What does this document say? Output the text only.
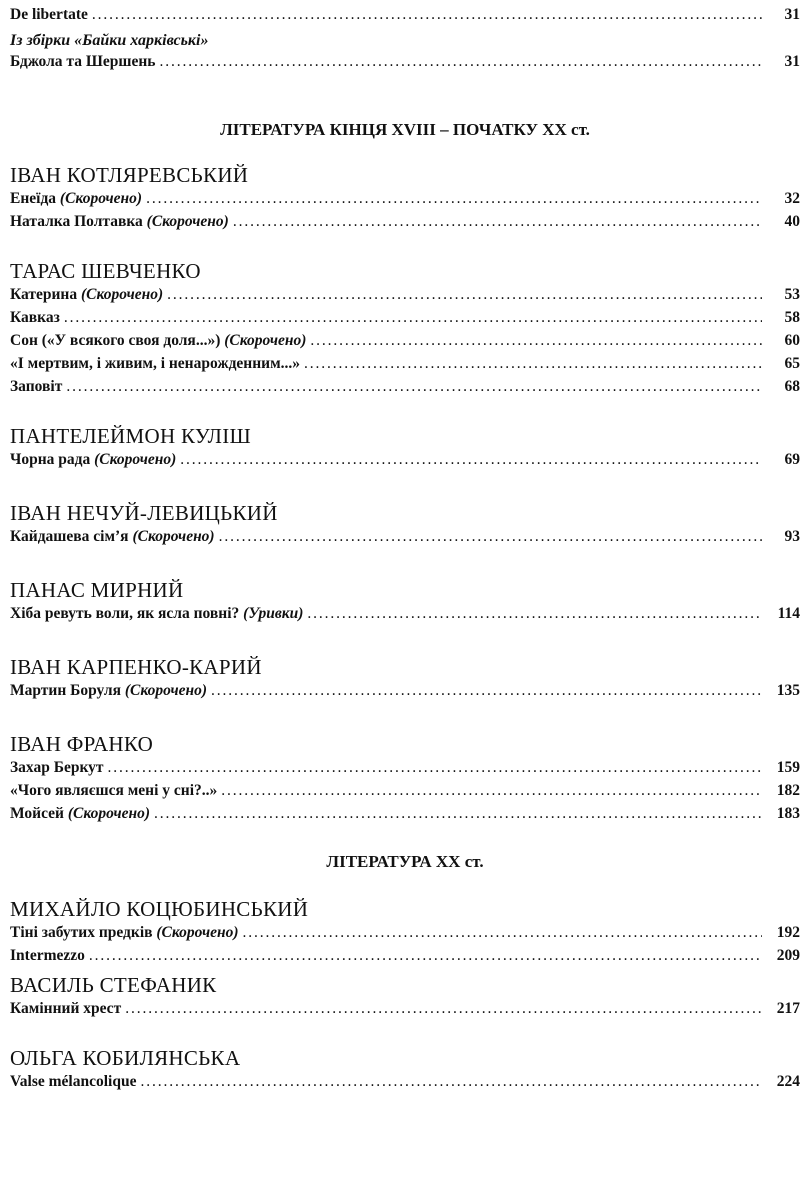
De libertate . . .	31
Із збірки «Байки харківські»
Бджола та Шершень . . .	31
ЛІТЕРАТУРА КІНЦЯ XVIII – ПОЧАТКУ XX ст.
ІВАН КОТЛЯРЕВСЬКИЙ
Енеїда (Скорочено) . . .	32
Наталка Полтавка (Скорочено) . . .	40
ТАРАС ШЕВЧЕНКО
Катерина (Скорочено) . . .	53
Кавказ . . .	58
Сон («У всякого своя доля...») (Скорочено) . . .	60
«І мертвим, і живим, і ненарожденним...» . . .	65
Заповіт . . .	68
ПАНТЕЛЕЙМОН КУЛІШ
Чорна рада (Скорочено) . . .	69
ІВАН НЕЧУЙ-ЛЕВИЦЬКИЙ
Кайдашева сім’я (Скорочено) . . .	93
ПАНАС МИРНИЙ
Хіба ревуть воли, як ясла повні? (Уривки) . . .	114
ІВАН КАРПЕНКО-КАРИЙ
Мартин Боруля (Скорочено) . . .	135
ІВАН ФРАНКО
Захар Беркут . . .	159
«Чого являєшся мені у сні?..» . . .	182
Мойсей (Скорочено) . . .	183
ЛІТЕРАТУРА XX ст.
МИХАЙЛО КОЦЮБИНСЬКИЙ
Тіні забутих предків (Скорочено) . . .	192
Intermezzo . . .	209
ВАСИЛЬ СТЕФАНИК
Камінний хрест . . .	217
ОЛЬГА КОБИЛЯНСЬКА
Valse mélancolique . . .	224
